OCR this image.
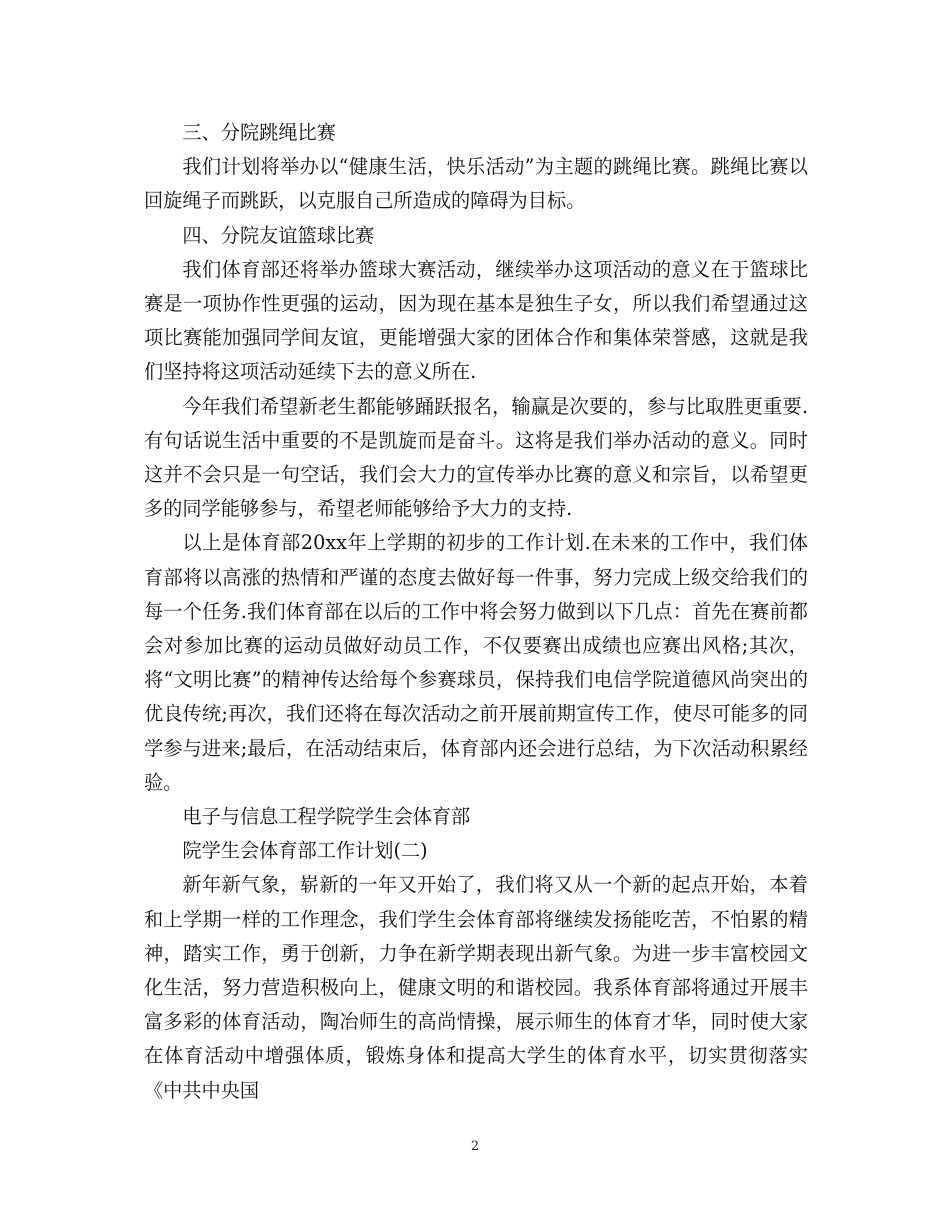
三、分院跳绳比赛

我们计划将举办以“健康生活，快乐活动”为主题的跳绳比赛。跳绳比赛以回旋绳子而跳跃，以克服自己所造成的障碍为目标。

四、分院友谊篮球比赛

我们体育部还将举办篮球大赛活动，继续举办这项活动的意义在于篮球比赛是一项协作性更强的运动，因为现在基本是独生子女，所以我们希望通过这项比赛能加强同学间友谊，更能增强大家的团体合作和集体荣誉感，这就是我们坚持将这项活动延续下去的意义所在.

今年我们希望新老生都能够踊跃报名，输赢是次要的，参与比取胜更重要.有句话说生活中重要的不是凯旋而是奋斗。这将是我们举办活动的意义。同时这并不会只是一句空话，我们会大力的宣传举办比赛的意义和宗旨，以希望更多的同学能够参与，希望老师能够给予大力的支持.

以上是体育部20xx年上学期的初步的工作计划.在未来的工作中，我们体育部将以高涨的热情和严谨的态度去做好每一件事，努力完成上级交给我们的每一个任务.我们体育部在以后的工作中将会努力做到以下几点：首先在赛前都会对参加比赛的运动员做好动员工作，不仅要赛出成绩也应赛出风格;其次，将“文明比赛”的精神传达给每个参赛球员，保持我们电信学院道德风尚突出的优良传统;再次，我们还将在每次活动之前开展前期宣传工作，使尽可能多的同学参与进来;最后，在活动结束后，体育部内还会进行总结，为下次活动积累经验。

电子与信息工程学院学生会体育部

院学生会体育部工作计划(二)

新年新气象，崭新的一年又开始了，我们将又从一个新的起点开始，本着和上学期一样的工作理念，我们学生会体育部将继续发扬能吃苦，不怕累的精神，踏实工作，勇于创新，力争在新学期表现出新气象。为进一步丰富校园文化生活，努力营造积极向上，健康文明的和谐校园。我系体育部将通过开展丰富多彩的体育活动，陶冶师生的高尚情操，展示师生的体育才华，同时使大家在体育活动中增强体质，锻炼身体和提高大学生的体育水平，切实贯彻落实《中共中央国

2
